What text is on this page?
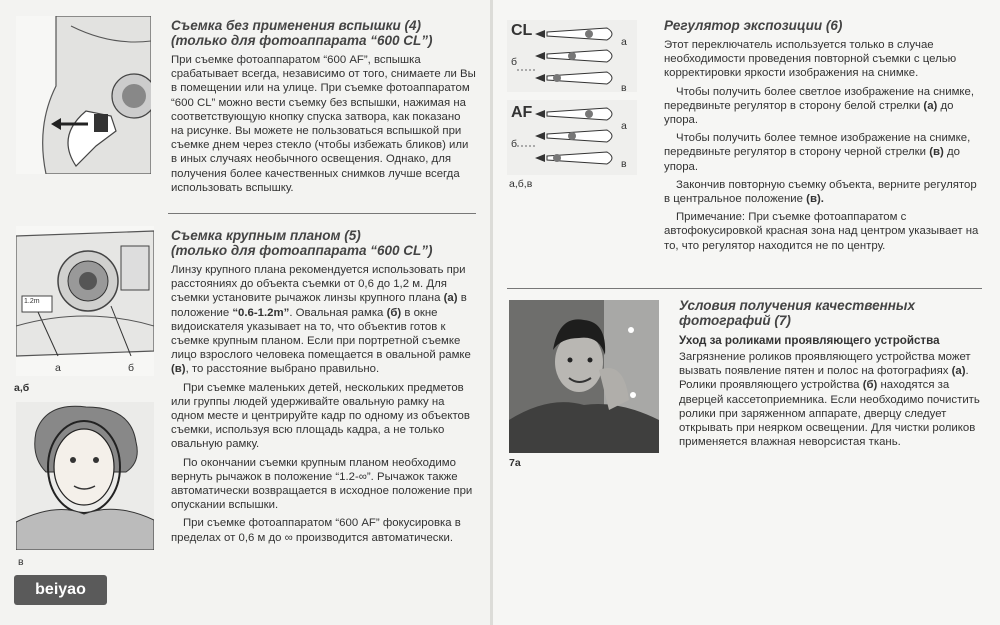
Съемка без применения вспышки (4)
(только для фотоаппарата “600 CL”)

При съемке фотоаппаратом “600 AF”, вспышка срабатывает всегда, независимо от того, снимаете ли Вы в помещении или на улице. При съемке фотоаппаратом “600 CL” можно вести съемку без вспышки, нажимая на соответствующую кнопку спуска затвора, как показано на рисунке. Вы можете не пользоваться вспышкой при съемке днем через стекло (чтобы избежать бликов) или в иных случаях необычного освещения. Однако, для получения более качественных снимков лучше всегда использовать вспышку.

а	б
1.2m
а,б
в
Съемка крупным планом (5)
(только для фотоаппарата “600 CL”)

Линзу крупного плана рекомендуется использовать при расстояниях до объекта съемки от 0,6 до 1,2 м. Для съемки установите рычажок линзы крупного плана (а) в положение “0.6-1.2m”. Овальная рамка (б) в окне видоискателя указывает на то, что объектив готов к съемке крупным планом. Если при портретной съемке лицо взрослого человека помещается в овальной рамке (в), то расстояние выбрано правильно.

При съемке маленьких детей, нескольких предметов или группы людей удерживайте овальную рамку на одном месте и центрируйте кадр по одному из объектов съемки, используя всю площадь кадра, а не только овальную рамку.

По окончании съемки крупным планом необходимо вернуть рычажок в положение “1.2-∞”. Рычажок также автоматически возвращается в исходное положение при опускании вспышки.

При съемке фотоаппаратом “600 AF” фокусировка в пределах от 0,6 м до ∞ производится автоматически.

beiyao
CL
AF
а
б
в
а
б
в
а,б,в
Регулятор экспозиции (6)

Этот переключатель используется только в случае необходимости проведения повторной съемки с целью корректировки яркости изображения на снимке.

Чтобы получить более светлое изображение на снимке, передвиньте регулятор в сторону белой стрелки (а) до упора.

Чтобы получить более темное изображение на снимке, передвиньте регулятор в сторону черной стрелки (в) до упора.

Закончив повторную съемку объекта, верните регулятор в центральное положение (в).

Примечание: При съемке фотоаппаратом с автофокусировкой красная зона над центром указывает на то, что регулятор находится не по центру.

7а
Условия получения качественных фотографий (7)
Уход за роликами проявляющего устройства

Загрязнение роликов проявляющего устройства может вызвать появление пятен и полос на фотографиях (а). Ролики проявляющего устройства (б) находятся за дверцей кассетоприемника. Если необходимо почистить ролики при заряженном аппарате, дверцу следует открывать при неярком освещении. Для чистки роликов применяется влажная неворсистая ткань.
